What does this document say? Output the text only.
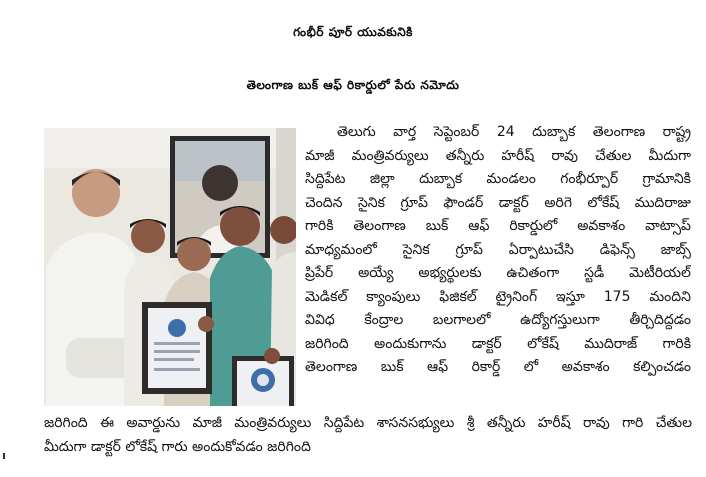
గంభీర్ పూర్ యువకునికి
తెలంగాణ బుక్ ఆఫ్ రికార్డులో పేరు నమోదు
తెలుగు వార్త సెప్టెంబర్ 24 దుబ్బాక తెలంగాణ రాష్ట్ర
మాజీ మంత్రివర్యులు తన్నీరు హరీష్ రావు చేతుల మీదుగా
సిద్దిపేట జిల్లా దుబ్బాక మండలం గంభీర్పూర్ గ్రామానికి
చెందిన సైనిక గ్రూప్ ఫౌండర్ డాక్టర్ అరిగె లోకేష్ ముదిరాజు
గారికి తెలంగాణ బుక్ ఆఫ్ రికార్డులో అవకాశం వాట్సాప్
మాధ్యమంలో సైనిక గ్రూప్ ఏర్పాటుచేసి డిఫెన్స్ జాబ్స్
ప్రిపేర్ అయ్యే అభ్యర్థులకు ఉచితంగా స్టడీ మెటీరియల్
మెడికల్ క్యాంపులు ఫిజికల్ ట్రైనింగ్ ఇస్తూ 175 మందిని
వివిధ కేంద్రాల బలగాలలో ఉద్యోగస్తులుగా తీర్చిదిద్దడం
జరిగింది అందుకుగాను డాక్టర్ లోకేష్ ముదిరాజ్ గారికి
తెలంగాణ బుక్ ఆఫ్ రికార్డ్ లో అవకాశం కల్పించడం
జరిగింది ఈ అవార్డును మాజీ మంత్రివర్యులు సిద్దిపేట శాసనసభ్యులు శ్రీ తన్నీరు హరీష్ రావు గారి చేతుల
మీదుగా డాక్టర్ లోకేష్ గారు అందుకోవడం జరిగింది
